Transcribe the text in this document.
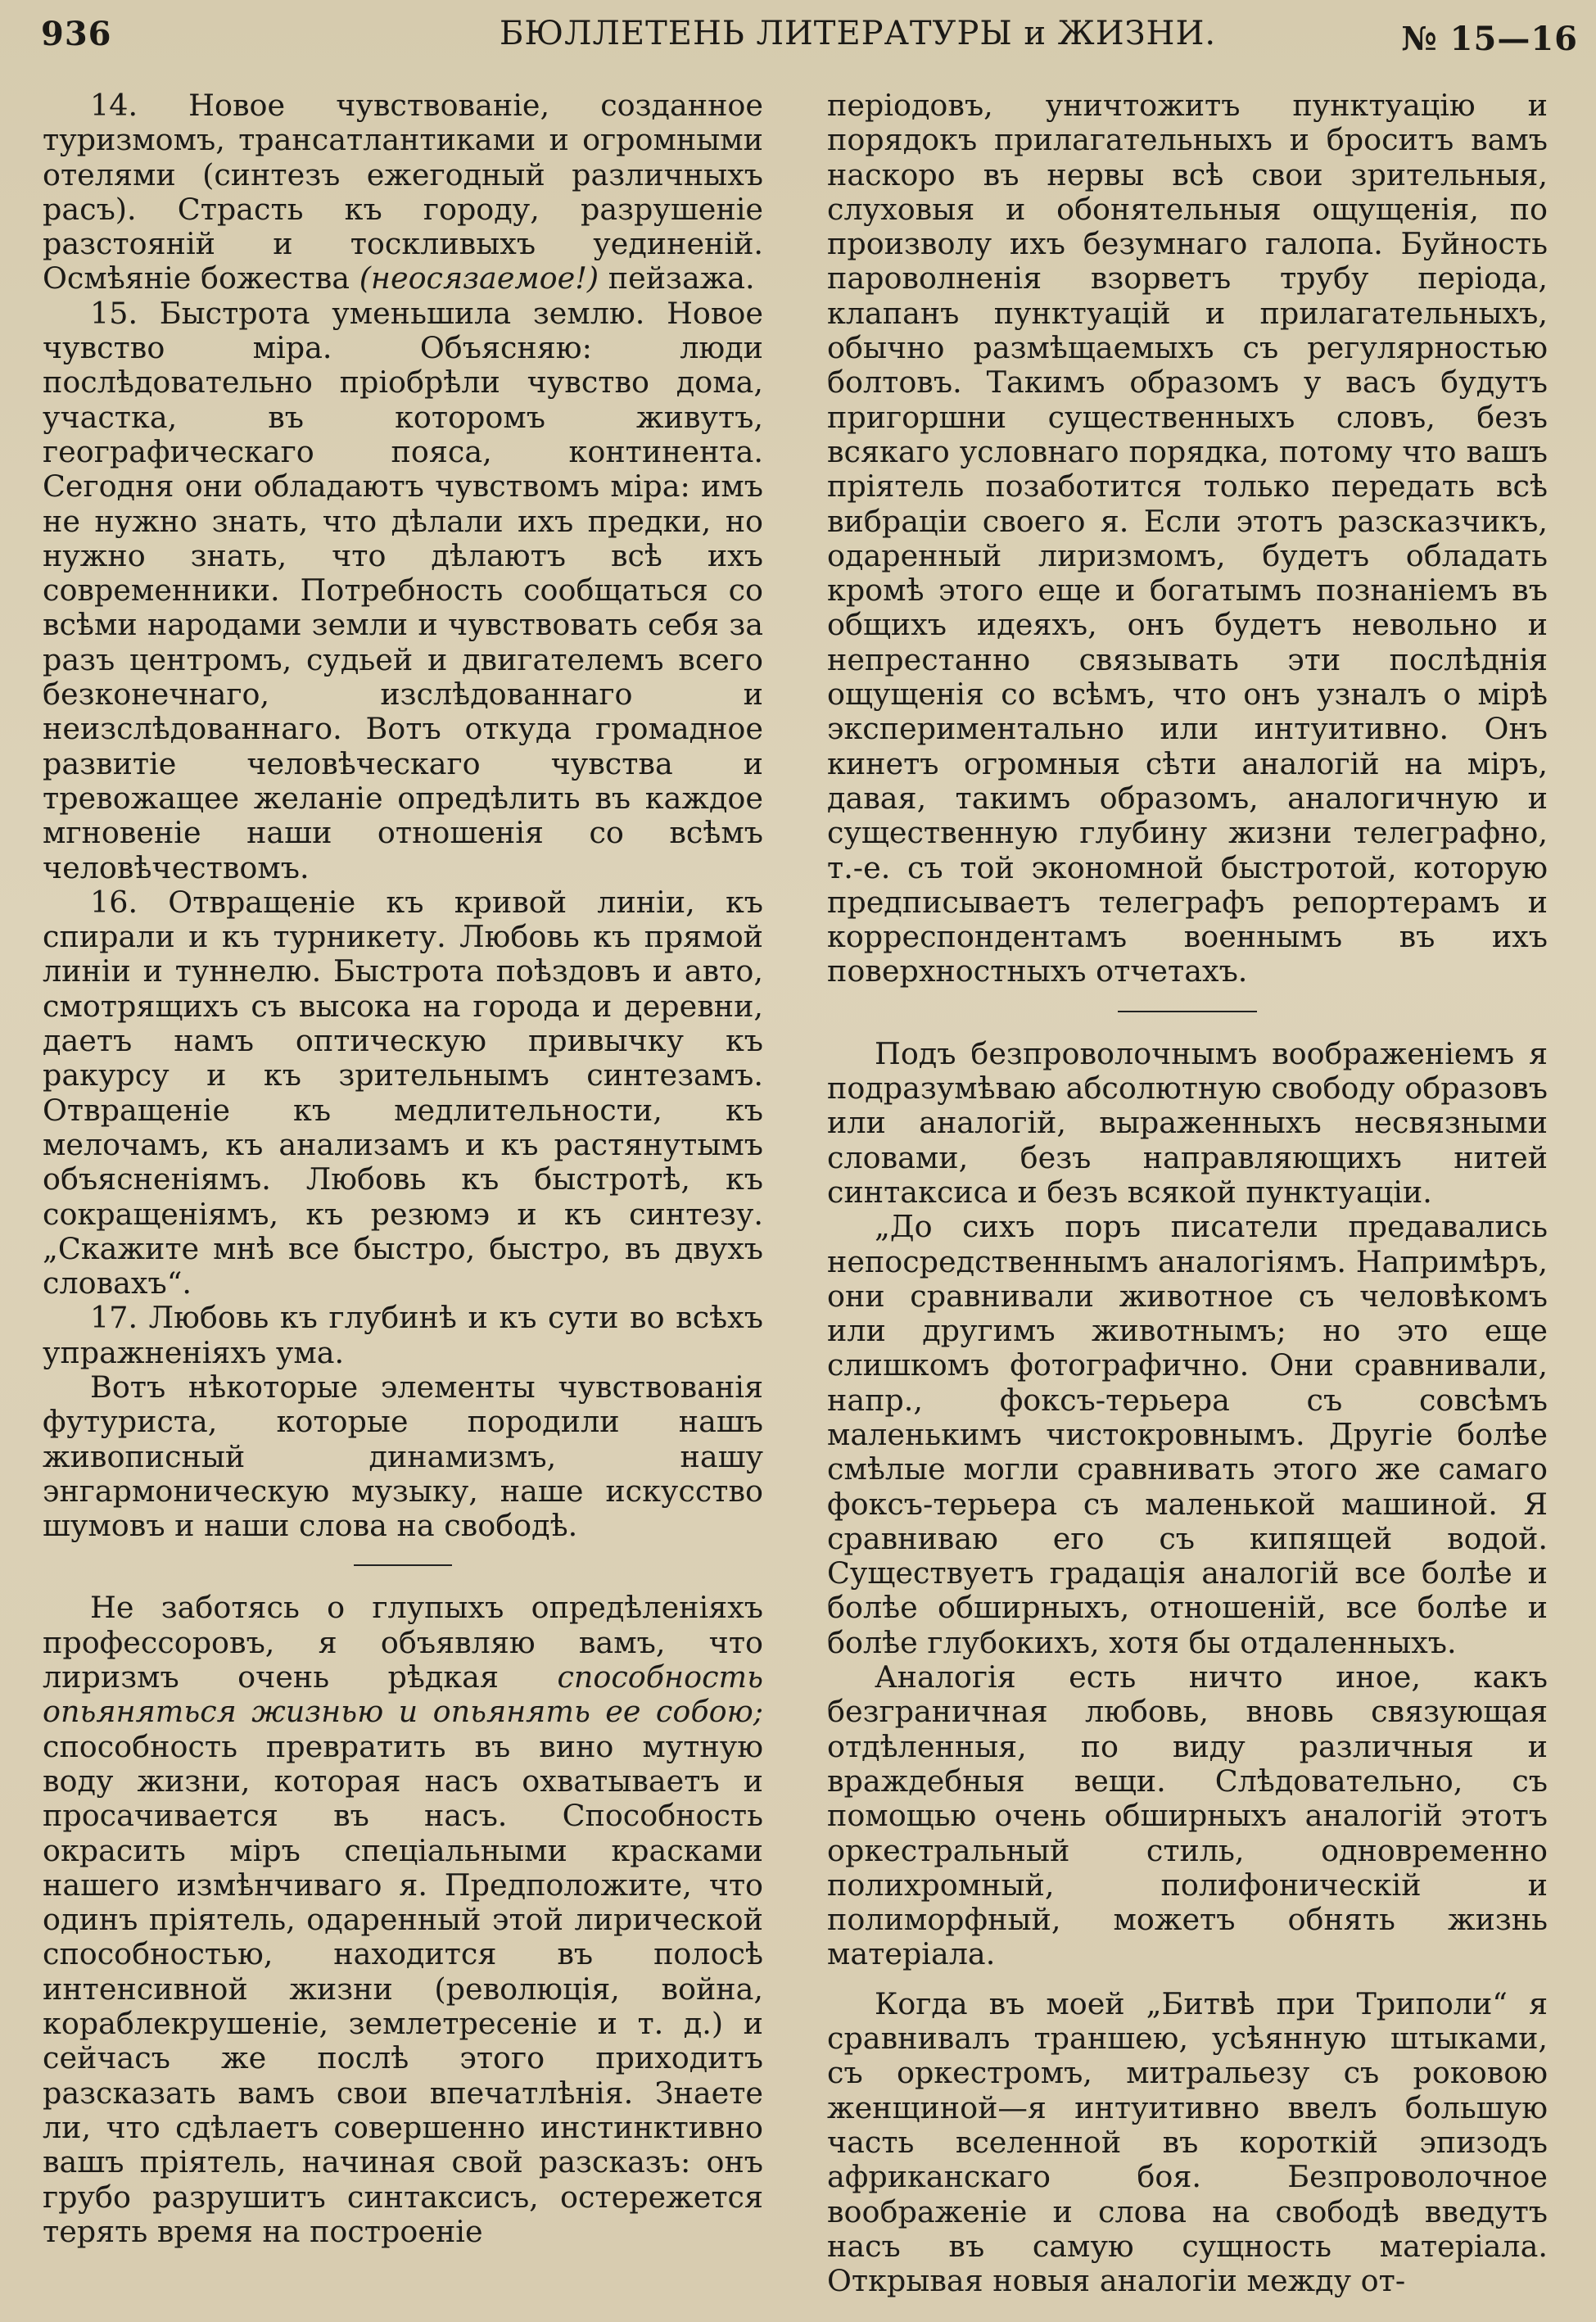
936	БЮЛЛЕТЕНЬ ЛИТЕРАТУРЫ и ЖИЗНИ.	№ 15—16

14. Новое чувствованіе, созданное туризмомъ, трансатлантиками и огромными отелями (синтезъ ежегодный различныхъ расъ). Страсть къ городу, разрушеніе разстояній и тоскливыхъ уединеній. Осмѣяніе божества (неосязаемое!) пейзажа.

15. Быстрота уменьшила землю. Новое чувство міра. Объясняю: люди послѣдовательно пріобрѣли чувство дома, участка, въ которомъ живутъ, географическаго пояса, континента. Сегодня они обладаютъ чувствомъ міра: имъ не нужно знать, что дѣлали ихъ предки, но нужно знать, что дѣлаютъ всѣ ихъ современники. Потребность сообщаться со всѣми народами земли и чувствовать себя за разъ центромъ, судьей и двигателемъ всего безконечнаго, изслѣдованнаго и неизслѣдованнаго. Вотъ откуда громадное развитіе человѣческаго чувства и тревожащее желаніе опредѣлить въ каждое мгновеніе наши отношенія со всѣмъ человѣчествомъ.

16. Отвращеніе къ кривой линіи, къ спирали и къ турникету. Любовь къ прямой линіи и туннелю. Быстрота поѣздовъ и авто, смотрящихъ съ высока на города и деревни, даетъ намъ оптическую привычку къ ракурсу и къ зрительнымъ синтезамъ. Отвращеніе къ медлительности, къ мелочамъ, къ анализамъ и къ растянутымъ объясненіямъ. Любовь къ быстротѣ, къ сокращеніямъ, къ резюмэ и къ синтезу. „Скажите мнѣ все быстро, быстро, въ двухъ словахъ“.

17. Любовь къ глубинѣ и къ сути во всѣхъ упражненіяхъ ума.

Вотъ нѣкоторые элементы чувствованія футуриста, которые породили нашъ живописный динамизмъ, нашу энгармоническую музыку, наше искусство шумовъ и наши слова на свободѣ.

Не заботясь о глупыхъ опредѣленіяхъ профессоровъ, я объявляю вамъ, что лиризмъ очень рѣдкая способность опьяняться жизнью и опьянять ее собою; способность превратить въ вино мутную воду жизни, которая насъ охватываетъ и просачивается въ насъ. Способность окрасить міръ спеціальными красками нашего измѣнчиваго я. Предположите, что одинъ пріятель, одаренный этой лирической способностью, находится въ полосѣ интенсивной жизни (революція, война, кораблекрушеніе, землетресеніе и т. д.) и сейчасъ же послѣ этого приходитъ разсказать вамъ свои впечатлѣнія. Знаете ли, что сдѣлаетъ совершенно инстинктивно вашъ пріятель, начиная свой разсказъ: онъ грубо разрушитъ синтаксисъ, остережется терять время на построеніе

періодовъ, уничтожитъ пунктуацію и порядокъ прилагательныхъ и броситъ вамъ наскоро въ нервы всѣ свои зрительныя, слуховыя и обонятельныя ощущенія, по произволу ихъ безумнаго галопа. Буйность пароволненія взорветъ трубу періода, клапанъ пунктуацій и прилагательныхъ, обычно размѣщаемыхъ съ регулярностью болтовъ. Такимъ образомъ у васъ будутъ пригоршни существенныхъ словъ, безъ всякаго условнаго порядка, потому что вашъ пріятель позаботится только передать всѣ вибраціи своего я. Если этотъ разсказчикъ, одаренный лиризмомъ, будетъ обладать кромѣ этого еще и богатымъ познаніемъ въ общихъ идеяхъ, онъ будетъ невольно и непрестанно связывать эти послѣднія ощущенія со всѣмъ, что онъ узналъ о мірѣ экспериментально или интуитивно. Онъ кинетъ огромныя сѣти аналогій на міръ, давая, такимъ образомъ, аналогичную и существенную глубину жизни телеграфно, т.-е. съ той экономной быстротой, которую предписываетъ телеграфъ репортерамъ и корреспондентамъ военнымъ въ ихъ поверхностныхъ отчетахъ.

Подъ безпроволочнымъ воображеніемъ я подразумѣваю абсолютную свободу образовъ или аналогій, выраженныхъ несвязными словами, безъ направляющихъ нитей синтаксиса и безъ всякой пунктуаціи.

„До сихъ поръ писатели предавались непосредственнымъ аналогіямъ. Напримѣръ, они сравнивали животное съ человѣкомъ или другимъ животнымъ; но это еще слишкомъ фотографично. Они сравнивали, напр., фоксъ-терьера съ совсѣмъ маленькимъ чистокровнымъ. Другіе болѣе смѣлые могли сравнивать этого же самаго фоксъ-терьера съ маленькой машиной. Я сравниваю его съ кипящей водой. Существуетъ градація аналогій все болѣе и болѣе обширныхъ, отношеній, все болѣе и болѣе глубокихъ, хотя бы отдаленныхъ.

Аналогія есть ничто иное, какъ безграничная любовь, вновь связующая отдѣленныя, по виду различныя и враждебныя вещи. Слѣдовательно, съ помощью очень обширныхъ аналогій этотъ оркестральный стиль, одновременно полихромный, полифоническій и полиморфный, можетъ обнять жизнь матеріала.

Когда въ моей „Битвѣ при Триполи“ я сравнивалъ траншею, усѣянную штыками, съ оркестромъ, митральезу съ роковою женщиной—я интуитивно ввелъ большую часть вселенной въ короткій эпизодъ африканскаго боя. Безпроволочное воображеніе и слова на свободѣ введутъ насъ въ самую сущность матеріала. Открывая новыя аналогіи между от-
